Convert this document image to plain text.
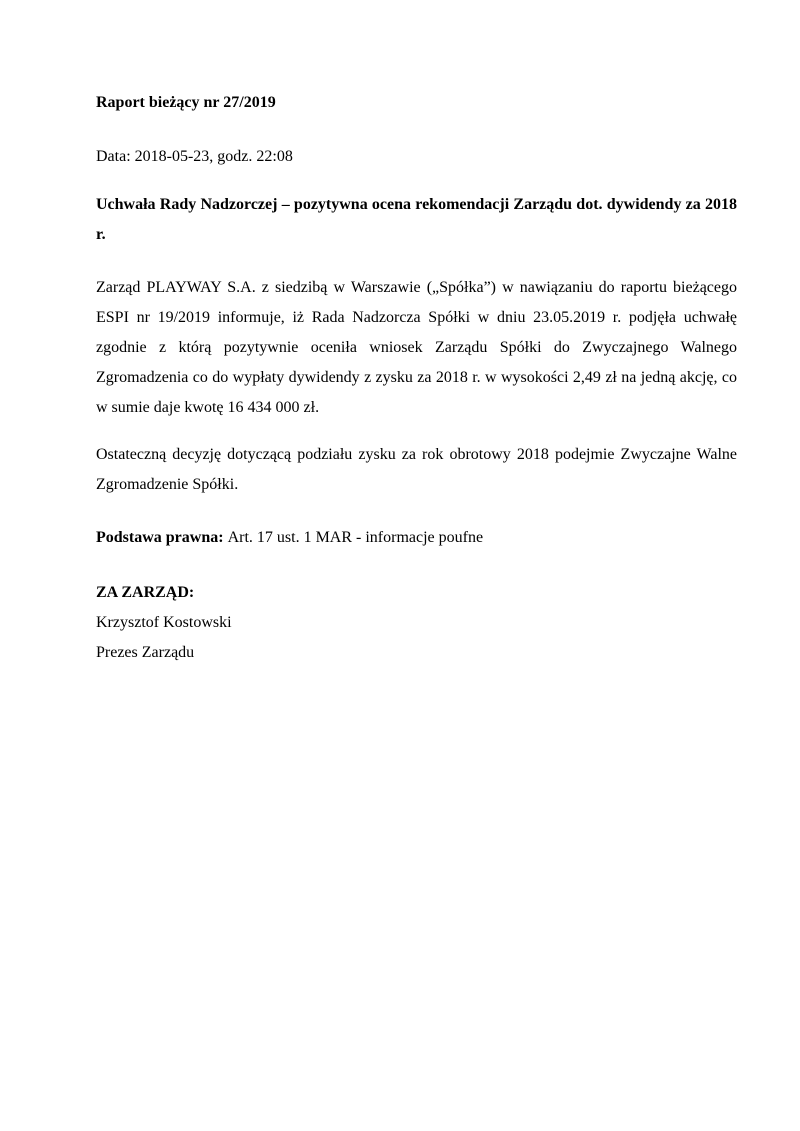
Raport bieżący nr 27/2019

Data: 2018-05-23, godz. 22:08

Uchwała Rady Nadzorczej – pozytywna ocena rekomendacji Zarządu dot. dywidendy za 2018 r.

Zarząd PLAYWAY S.A. z siedzibą w Warszawie („Spółka”) w nawiązaniu do raportu bieżącego ESPI nr 19/2019 informuje, iż Rada Nadzorcza Spółki w dniu 23.05.2019 r. podjęła uchwałę zgodnie z którą pozytywnie oceniła wniosek Zarządu Spółki do Zwyczajnego Walnego Zgromadzenia co do wypłaty dywidendy z zysku za 2018 r. w wysokości 2,49 zł na jedną akcję, co w sumie daje kwotę 16 434 000 zł.

Ostateczną decyzję dotyczącą podziału zysku za rok obrotowy 2018 podejmie Zwyczajne Walne Zgromadzenie Spółki.

Podstawa prawna: Art. 17 ust. 1 MAR - informacje poufne

ZA ZARZĄD:

Krzysztof Kostowski

Prezes Zarządu
